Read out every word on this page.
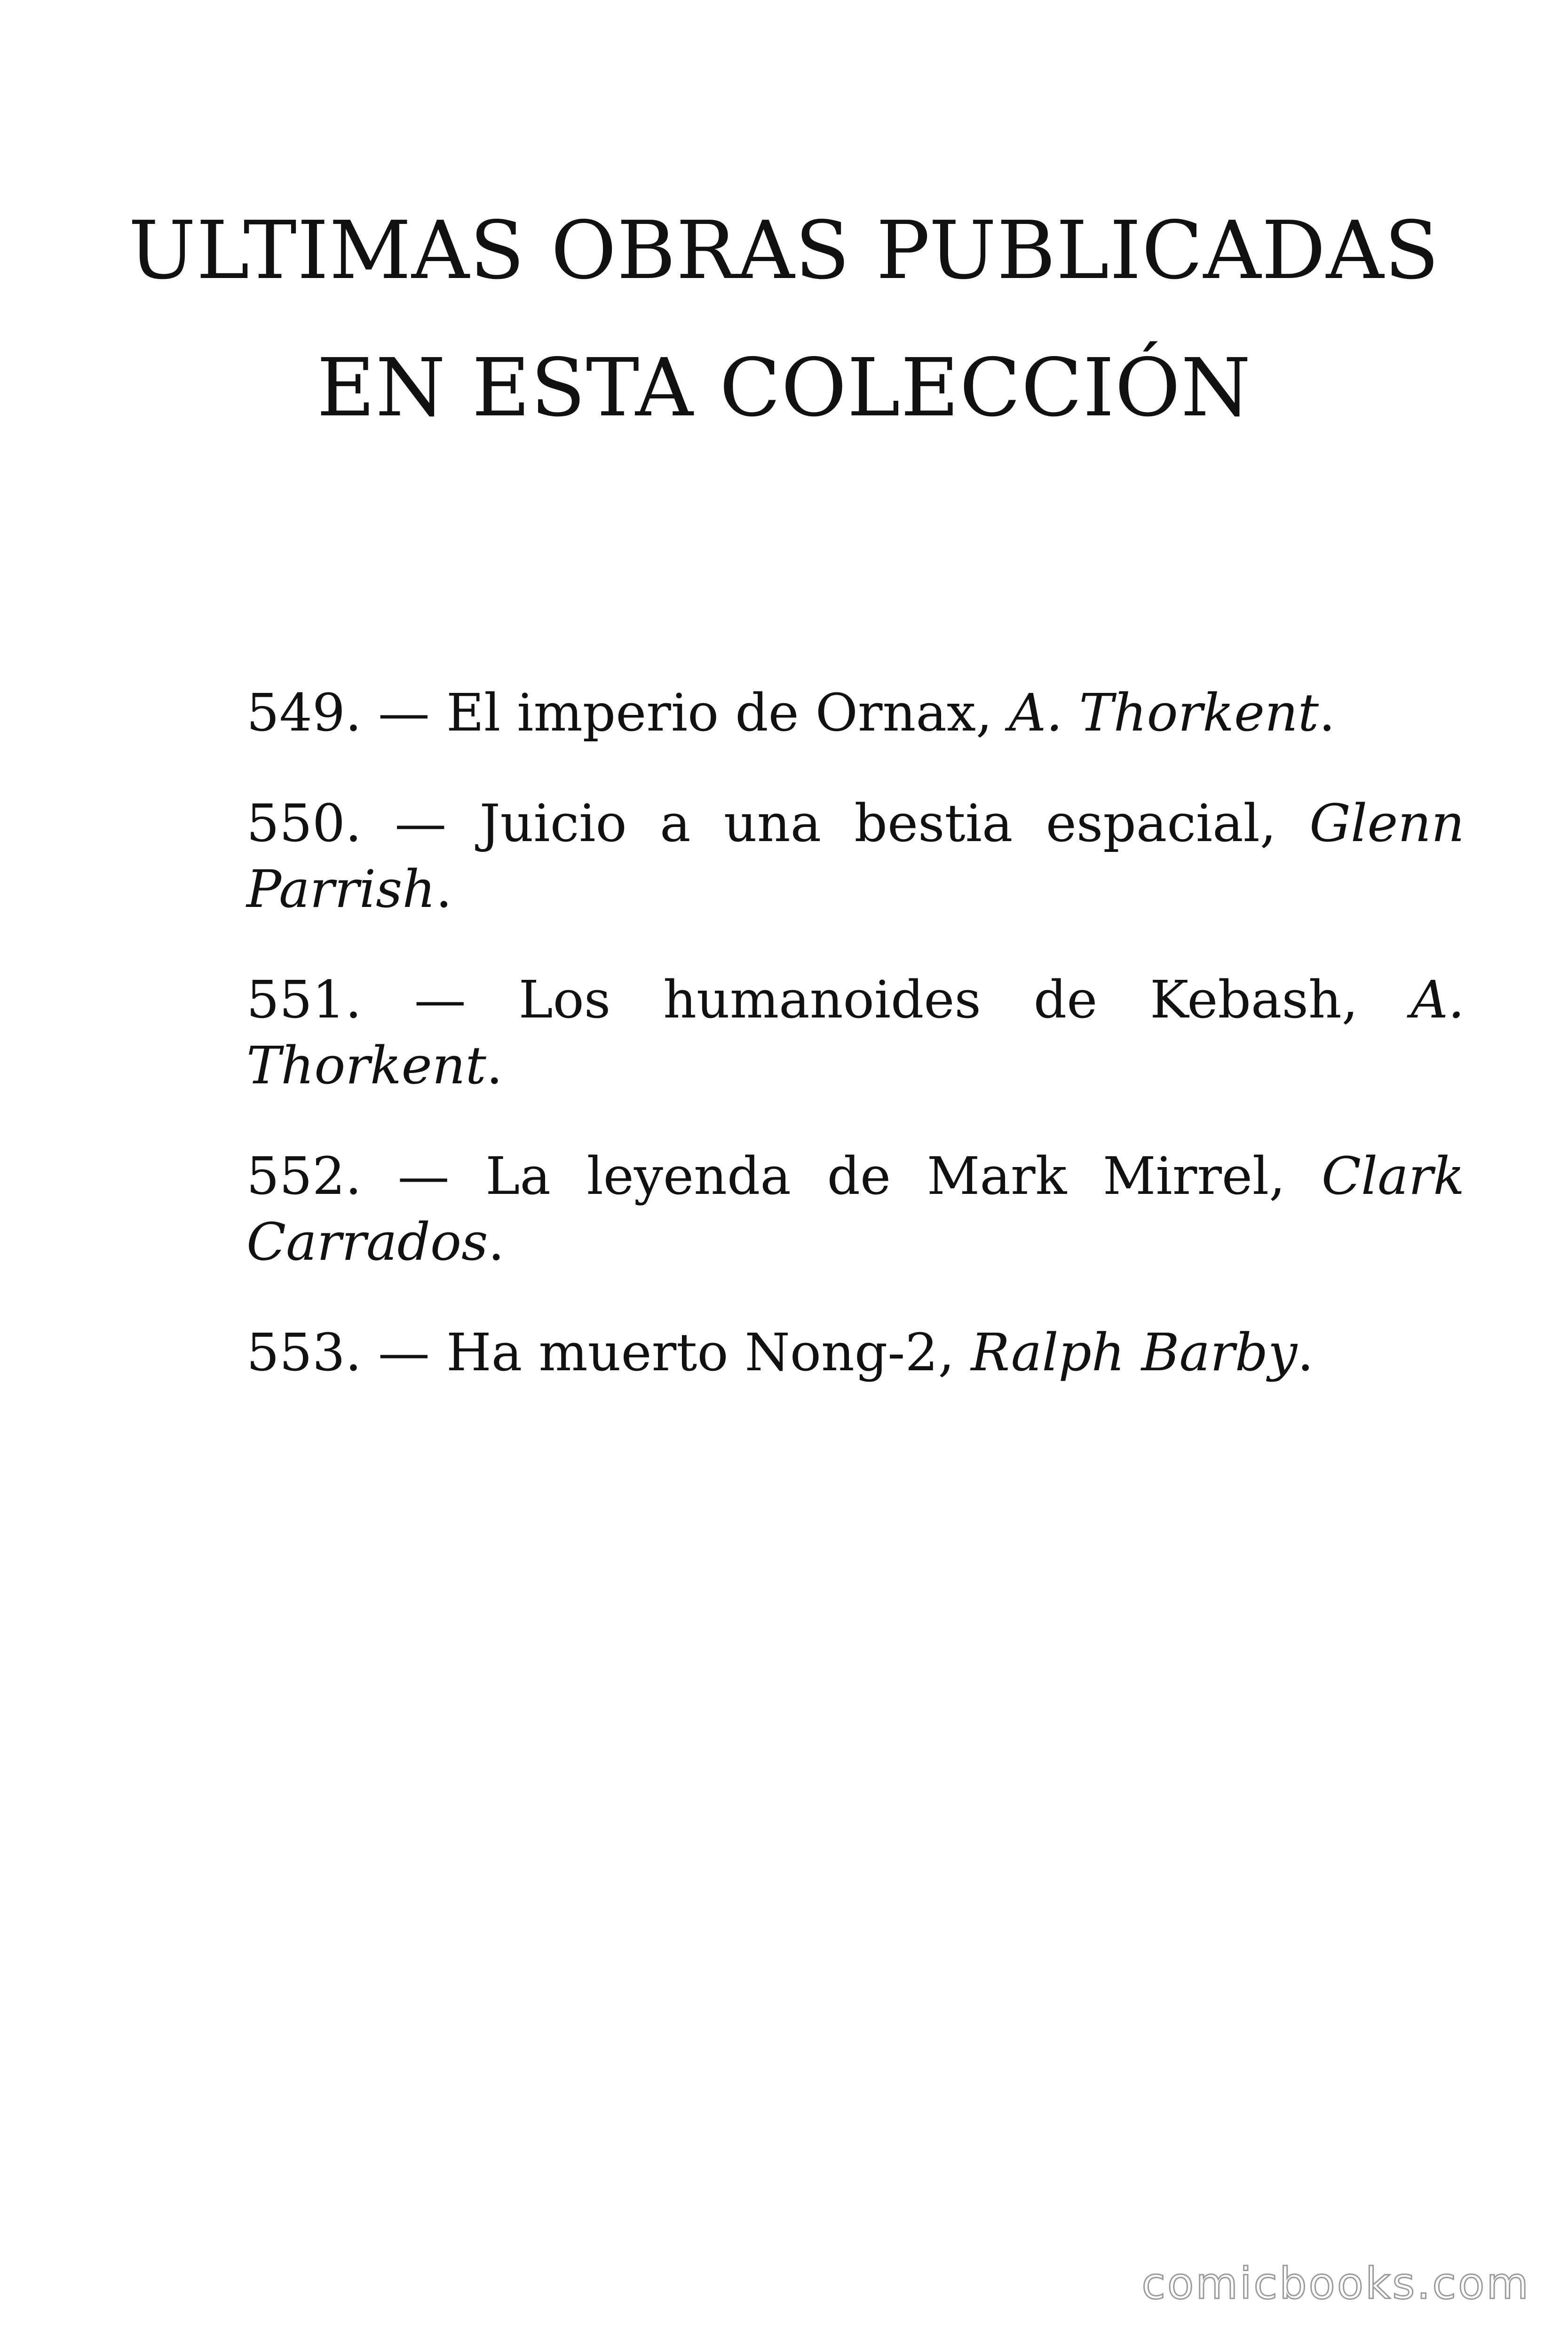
ULTIMAS OBRAS PUBLICADAS
EN ESTA COLECCIÓN
549. — El imperio de Ornax, A. Thorkent.
550. — Juicio a una bestia espacial, Glenn Parrish.
551. — Los humanoides de Kebash, A. Thorkent.
552. — La leyenda de Mark Mirrel, Clark Carrados.
553. — Ha muerto Nong-2, Ralph Barby.
comicbooks.com
